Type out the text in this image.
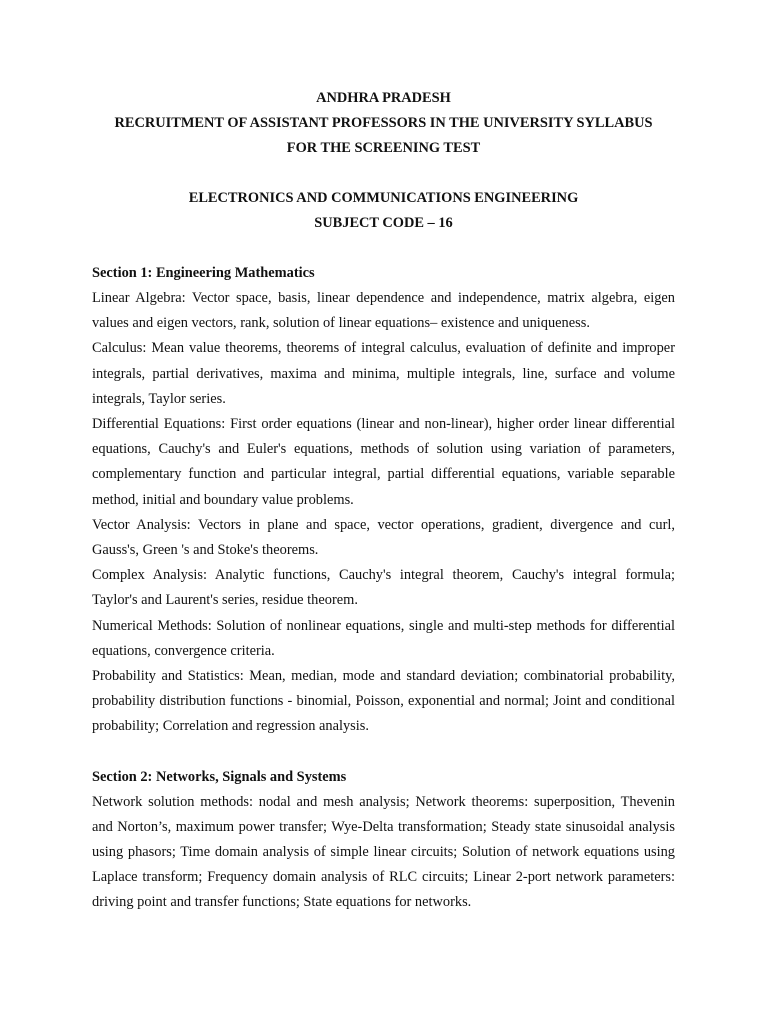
ANDHRA PRADESH
RECRUITMENT OF ASSISTANT PROFESSORS IN THE UNIVERSITY SYLLABUS
FOR THE SCREENING TEST
ELECTRONICS AND COMMUNICATIONS ENGINEERING
SUBJECT CODE – 16

Section 1: Engineering Mathematics

Linear Algebra: Vector space, basis, linear dependence and independence, matrix algebra, eigen values and eigen vectors, rank, solution of linear equations– existence and uniqueness.

Calculus: Mean value theorems, theorems of integral calculus, evaluation of definite and improper integrals, partial derivatives, maxima and minima, multiple integrals, line, surface and volume integrals, Taylor series.

Differential Equations: First order equations (linear and non-linear), higher order linear differential equations, Cauchy's and Euler's equations, methods of solution using variation of parameters, complementary function and particular integral, partial differential equations, variable separable method, initial and boundary value problems.

Vector Analysis: Vectors in plane and space, vector operations, gradient, divergence and curl, Gauss's, Green 's and Stoke's theorems.

Complex Analysis: Analytic functions, Cauchy's integral theorem, Cauchy's integral formula; Taylor's and Laurent's series, residue theorem.

Numerical Methods: Solution of nonlinear equations, single and multi-step methods for differential equations, convergence criteria.

Probability and Statistics: Mean, median, mode and standard deviation; combinatorial probability, probability distribution functions - binomial, Poisson, exponential and normal; Joint and conditional probability; Correlation and regression analysis.

Section 2: Networks, Signals and Systems

Network solution methods: nodal and mesh analysis; Network theorems: superposition, Thevenin and Norton’s, maximum power transfer; Wye-Delta transformation; Steady state sinusoidal analysis using phasors; Time domain analysis of simple linear circuits; Solution of network equations using Laplace transform; Frequency domain analysis of RLC circuits; Linear 2-port network parameters: driving point and transfer functions; State equations for networks.
